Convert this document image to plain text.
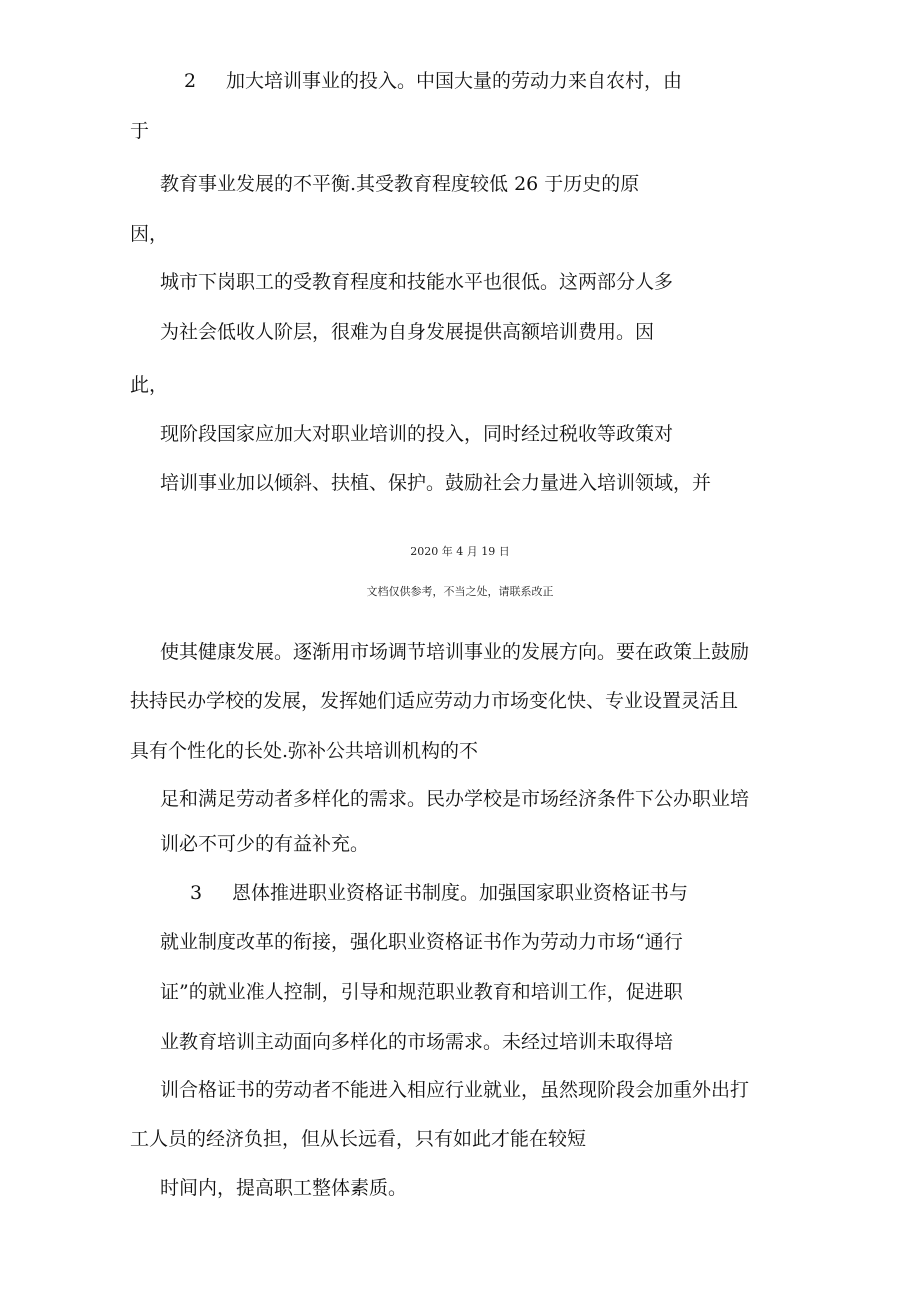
2 加大培训事业的投入。中国大量的劳动力来自农村，由

于

教育事业发展的不平衡.其受教育程度较低 26 于历史的原

因，

城市下岗职工的受教育程度和技能水平也很低。这两部分人多

为社会低收人阶层，很难为自身发展提供高额培训费用。因

此，

现阶段国家应加大对职业培训的投入，同时经过税收等政策对

培训事业加以倾斜、扶植、保护。鼓励社会力量进入培训领域，并

2020 年 4 月 19 日
文档仅供参考，不当之处，请联系改正

使其健康发展。逐渐用市场调节培训事业的发展方向。要在政策上鼓励

扶持民办学校的发展，发挥她们适应劳动力市场变化快、专业设置灵活且

具有个性化的长处.弥补公共培训机构的不

足和满足劳动者多样化的需求。民办学校是市场经济条件下公办职业培

训必不可少的有益补充。

3 恩体推进职业资格证书制度。加强国家职业资格证书与

就业制度改革的衔接，强化职业资格证书作为劳动力市场“通行

证”的就业准人控制，引导和规范职业教育和培训工作，促进职

业教育培训主动面向多样化的市场需求。未经过培训未取得培

训合格证书的劳动者不能进入相应行业就业，虽然现阶段会加重外出打

工人员的经济负担，但从长远看，只有如此才能在较短

时间内，提高职工整体素质。
